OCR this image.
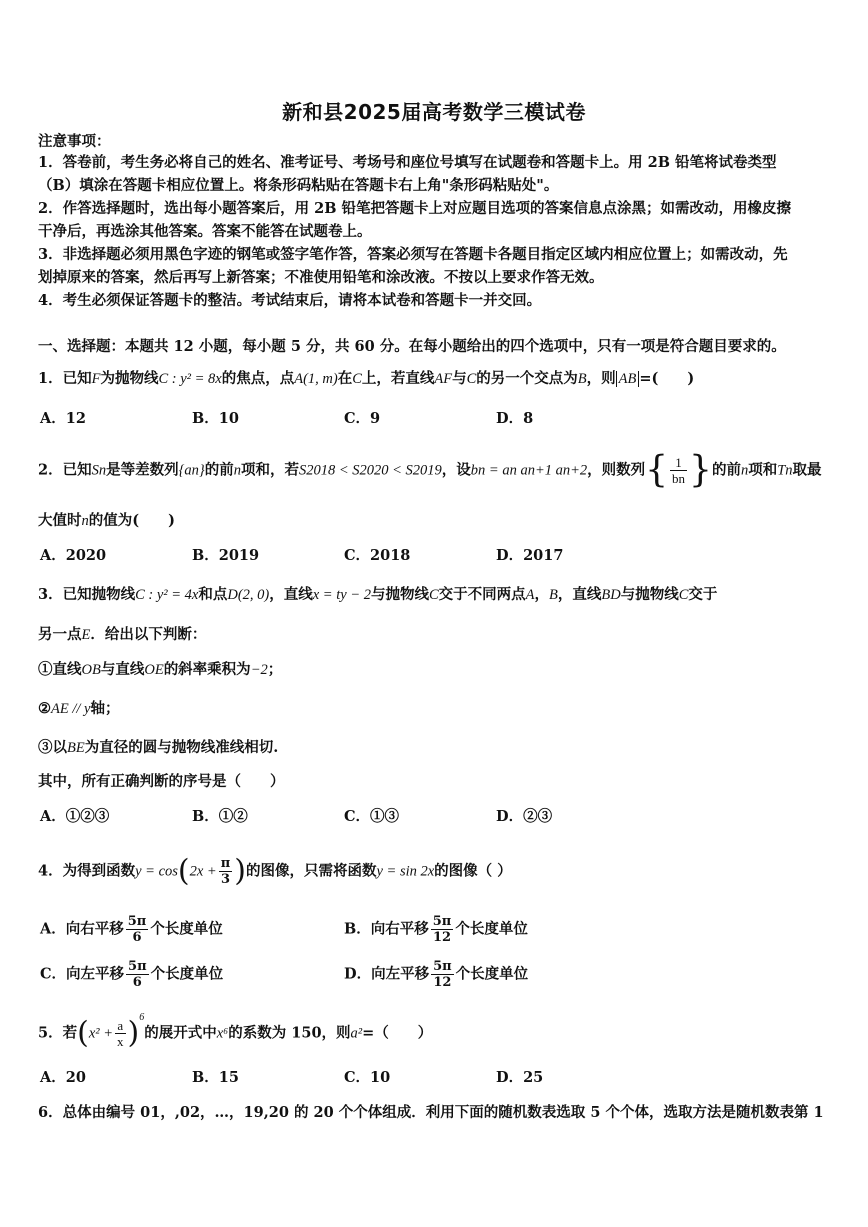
新和县2025届高考数学三模试卷
注意事项：
1．答卷前，考生务必将自己的姓名、准考证号、考场号和座位号填写在试题卷和答题卡上。用 2B 铅笔将试卷类型
（B）填涂在答题卡相应位置上。将条形码粘贴在答题卡右上角"条形码粘贴处"。
2．作答选择题时，选出每小题答案后，用 2B 铅笔把答题卡上对应题目选项的答案信息点涂黑；如需改动，用橡皮擦
干净后，再选涂其他答案。答案不能答在试题卷上。
3．非选择题必须用黑色字迹的钢笔或签字笔作答，答案必须写在答题卡各题目指定区域内相应位置上；如需改动，先
划掉原来的答案，然后再写上新答案；不准使用铅笔和涂改液。不按以上要求作答无效。
4．考生必须保证答题卡的整洁。考试结束后，请将本试卷和答题卡一并交回。
一、选择题：本题共 12 小题，每小题 5 分，共 60 分。在每小题给出的四个选项中，只有一项是符合题目要求的。
1．已知F为抛物线C : y² = 8x的焦点，点A(1, m)在C上，若直线AF与C的另一个交点为B，则 AB =(　　)
A．12	B．10	C．9	D．8
2．已知Sn是等差数列{an}的前n项和，若S2018 < S2020 < S2019，设bn = an an+1 an+2，则数列{ $\frac{1}{bn}$ }的前n项和Tn取最
大值时n的值为(　　)
A．2020	B．2019	C．2018	D．2017
3．已知抛物线C : y² = 4x和点D(2, 0)，直线x = ty − 2与抛物线C交于不同两点A，B，直线BD与抛物线C交于
另一点E．给出以下判断：
①直线OB与直线OE的斜率乘积为−2；
②AE // y轴；
③以BE为直径的圆与抛物线准线相切.
其中，所有正确判断的序号是（　　）
A．①②③	B．①②	C．①③	D．②③
4．为得到函数$y = \cos(2x + \frac{\pi}{3}$ )的图像，只需将函数y = sin 2x的图像（ ）
A．向右平移 $\frac{5\pi}{6}$ 个长度单位	B．向右平移 $\frac{5\pi}{12}$ 个长度单位
C．向左平移 $\frac{5\pi}{6}$ 个长度单位	D．向左平移 $\frac{5\pi}{12}$ 个长度单位
5．若$(x^2 + \frac{a}{x} )^6$的展开式中x⁶的系数为 150，则a²=（　　）
A．20	B．15	C．10	D．25
6．总体由编号 01，,02，…，19,20 的 20 个个体组成．利用下面的随机数表选取 5 个个体，选取方法是随机数表第 1
